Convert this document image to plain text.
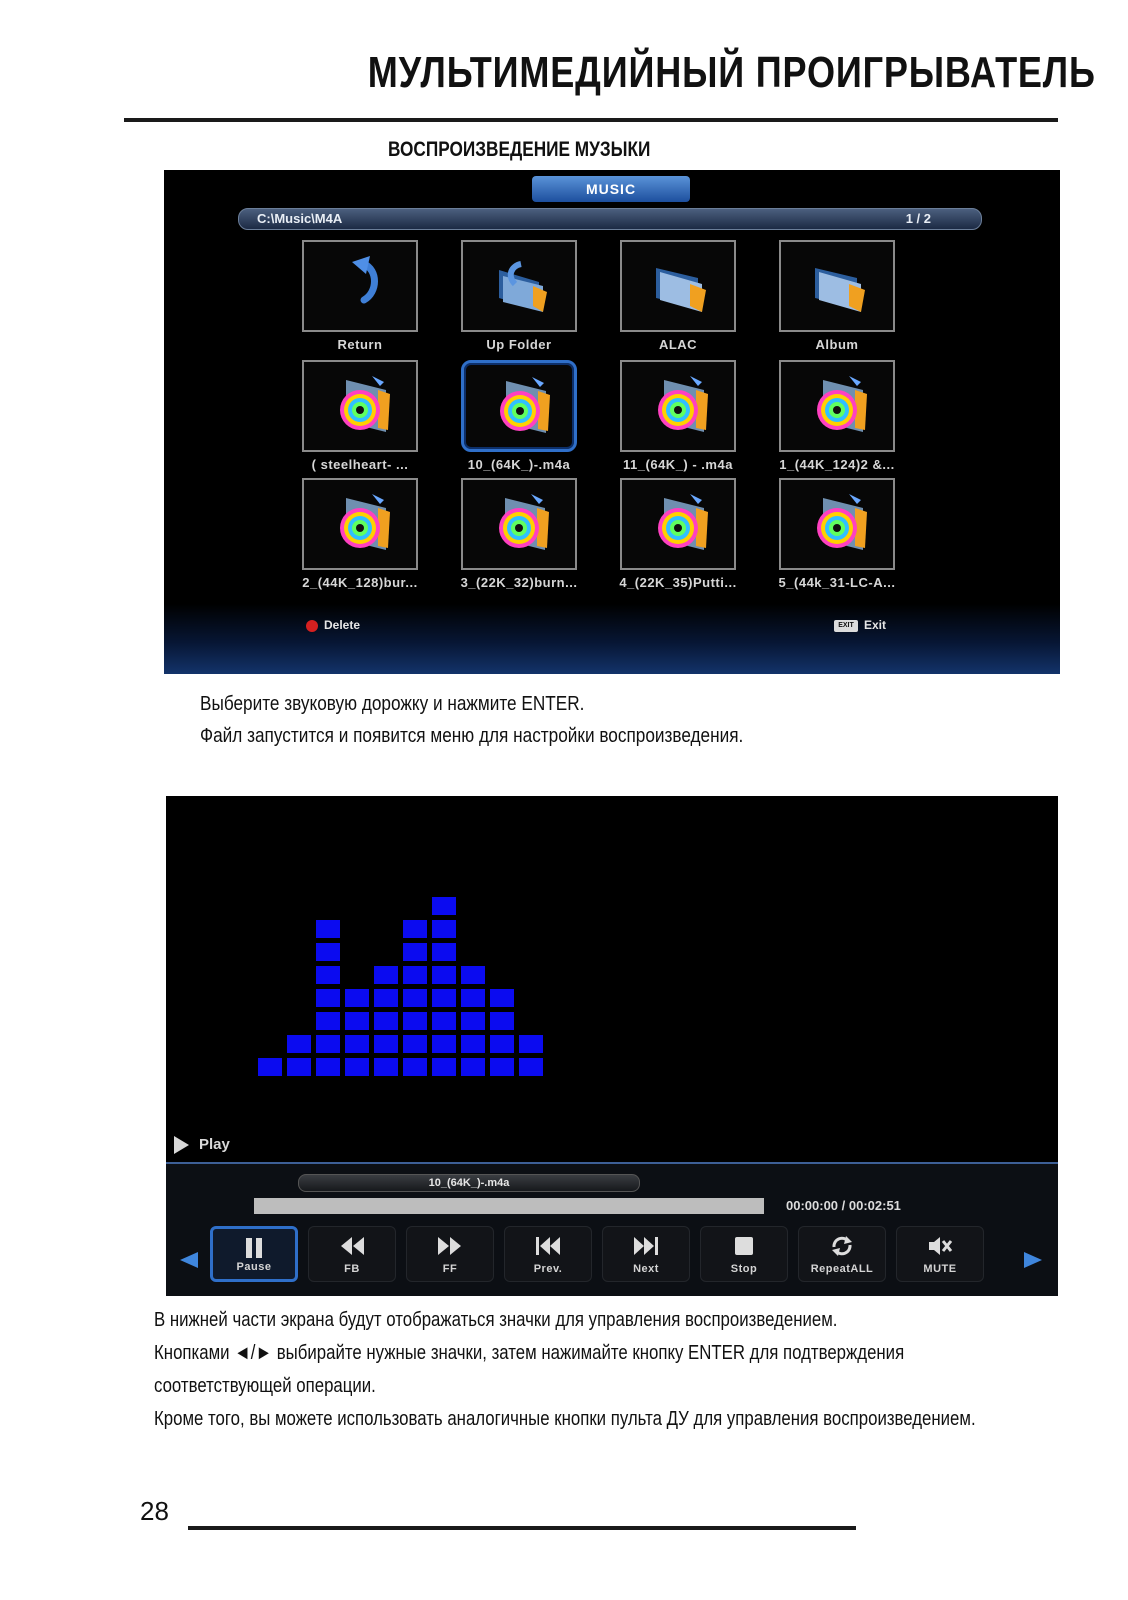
МУЛЬТИМЕДИЙНЫЙ ПРОИГРЫВАТЕЛЬ
ВОСПРОИЗВЕДЕНИЕ МУЗЫКИ
MUSIC
C:\Music\M4A	1 / 2
Return	Up Folder	ALAC	Album
( steelheart- ...	10_(64K_)-.m4a	11_(64K_) - .m4a	1_(44K_124)2 &...
2_(44K_128)bur...	3_(22K_32)burn...	4_(22K_35)Putti...	5_(44k_31-LC-A...
Delete	EXIT Exit
Выберите звуковую дорожку и нажмите ENTER.
Файл запустится и появится меню для настройки воспроизведения.
Play
10_(64K_)-.m4a
00:00:00 / 00:02:51
Pause	FB	FF	Prev.	Next	Stop	RepeatALL	MUTE
В нижней части экрана будут отображаться значки для управления воспроизведением.
Кнопками ◄/► выбирайте нужные значки, затем нажимайте кнопку ENTER для подтверждения
соответствующей операции.
Кроме того, вы можете использовать аналогичные кнопки пульта ДУ для управления воспроизведением.
28
